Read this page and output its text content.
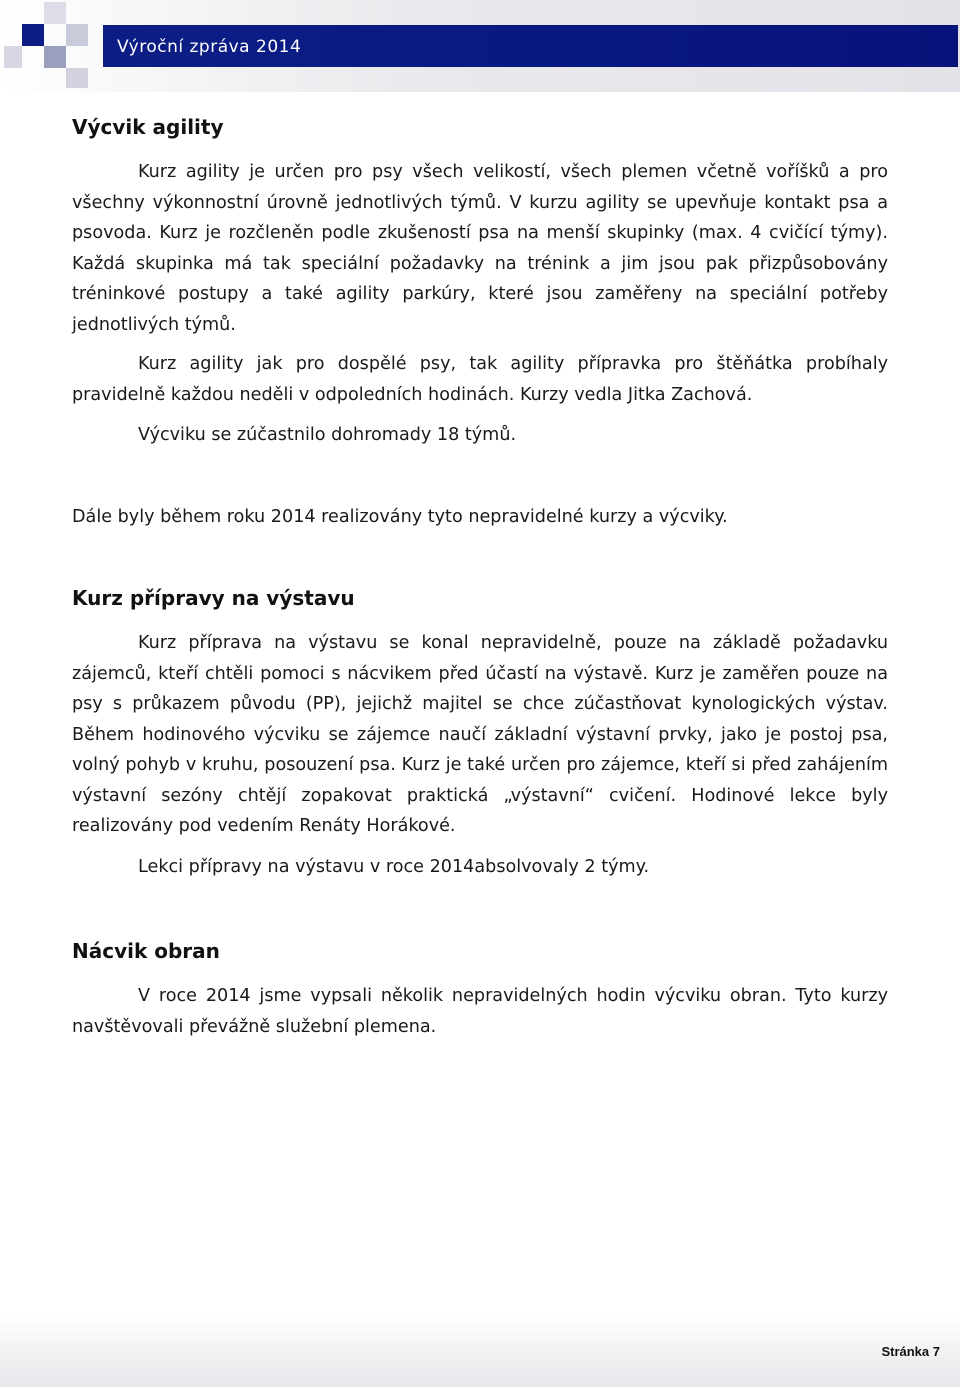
Výroční zpráva 2014
Výcvik agility

Kurz agility je určen pro psy všech velikostí, všech plemen včetně voříšků a pro všechny výkonnostní úrovně jednotlivých týmů. V kurzu agility se upevňuje kontakt psa a psovoda. Kurz je rozčleněn podle zkušeností psa na menší skupinky (max. 4 cvičící týmy). Každá skupinka má tak speciální požadavky na trénink a jim jsou pak přizpůsobovány tréninkové postupy a také agility parkúry, které jsou zaměřeny na speciální potřeby jednotlivých týmů.

Kurz agility jak pro dospělé psy, tak agility přípravka pro štěňátka probíhaly pravidelně každou neděli v odpoledních hodinách. Kurzy vedla Jitka Zachová.

Výcviku se zúčastnilo dohromady 18 týmů.

Dále byly během roku 2014 realizovány tyto nepravidelné kurzy a výcviky.

Kurz přípravy na výstavu

Kurz příprava na výstavu se konal nepravidelně, pouze na základě požadavku zájemců, kteří chtěli pomoci s nácvikem před účastí na výstavě. Kurz je zaměřen pouze na psy s průkazem původu (PP), jejichž majitel se chce zúčastňovat kynologických výstav. Během hodinového výcviku se zájemce naučí základní výstavní prvky, jako je postoj psa, volný pohyb v kruhu, posouzení psa. Kurz je také určen pro zájemce, kteří si před zahájením výstavní sezóny chtějí zopakovat praktická „výstavní“ cvičení. Hodinové lekce byly realizovány pod vedením Renáty Horákové.

Lekci přípravy na výstavu v roce 2014absolvovaly 2 týmy.

Nácvik obran

V roce 2014 jsme vypsali několik nepravidelných hodin výcviku obran. Tyto kurzy navštěvovali převážně služební plemena.

Stránka 7
